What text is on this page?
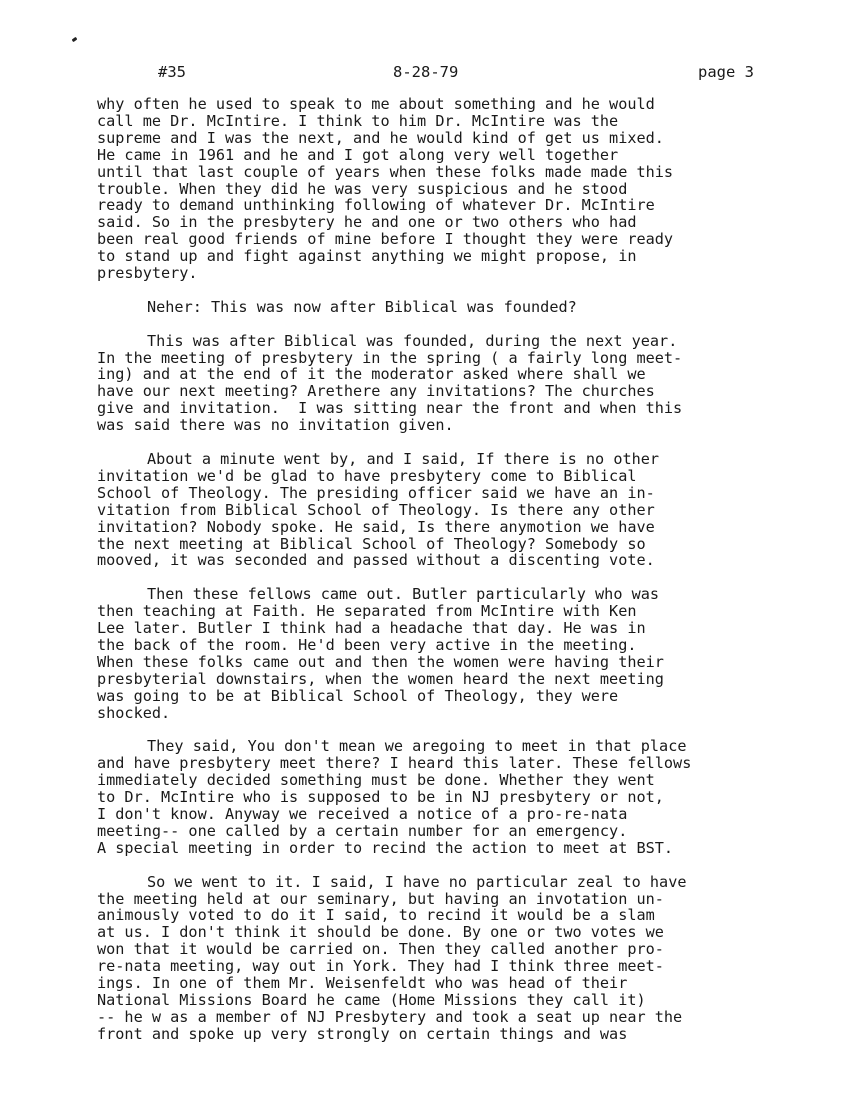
#35	8-28-79	page 3

why often he used to speak to me about something and he would
call me Dr. McIntire. I think to him Dr. McIntire was the
supreme and I was the next, and he would kind of get us mixed.
He came in 1961 and he and I got along very well together
until that last couple of years when these folks made made this
trouble. When they did he was very suspicious and he stood
ready to demand unthinking following of whatever Dr. McIntire
said. So in the presbytery he and one or two others who had
been real good friends of mine before I thought they were ready
to stand up and fight against anything we might propose, in
presbytery.

Neher: This was now after Biblical was founded?

This was after Biblical was founded, during the next year.
In the meeting of presbytery in the spring ( a fairly long meet-
ing) and at the end of it the moderator asked where shall we
have our next meeting? Arethere any invitations? The churches
give and invitation.  I was sitting near the front and when this
was said there was no invitation given.

About a minute went by, and I said, If there is no other
invitation we'd be glad to have presbytery come to Biblical
School of Theology. The presiding officer said we have an in-
vitation from Biblical School of Theology. Is there any other
invitation? Nobody spoke. He said, Is there anymotion we have
the next meeting at Biblical School of Theology? Somebody so
mooved, it was seconded and passed without a discenting vote.

Then these fellows came out. Butler particularly who was
then teaching at Faith. He separated from McIntire with Ken
Lee later. Butler I think had a headache that day. He was in
the back of the room. He'd been very active in the meeting.
When these folks came out and then the women were having their
presbyterial downstairs, when the women heard the next meeting
was going to be at Biblical School of Theology, they were
shocked.

They said, You don't mean we aregoing to meet in that place
and have presbytery meet there? I heard this later. These fellows
immediately decided something must be done. Whether they went
to Dr. McIntire who is supposed to be in NJ presbytery or not,
I don't know. Anyway we received a notice of a pro-re-nata
meeting-- one called by a certain number for an emergency.
A special meeting in order to recind the action to meet at BST.

So we went to it. I said, I have no particular zeal to have
the meeting held at our seminary, but having an invotation un-
animously voted to do it I said, to recind it would be a slam
at us. I don't think it should be done. By one or two votes we
won that it would be carried on. Then they called another pro-
re-nata meeting, way out in York. They had I think three meet-
ings. In one of them Mr. Weisenfeldt who was head of their
National Missions Board he came (Home Missions they call it)
-- he w as a member of NJ Presbytery and took a seat up near the
front and spoke up very strongly on certain things and was
